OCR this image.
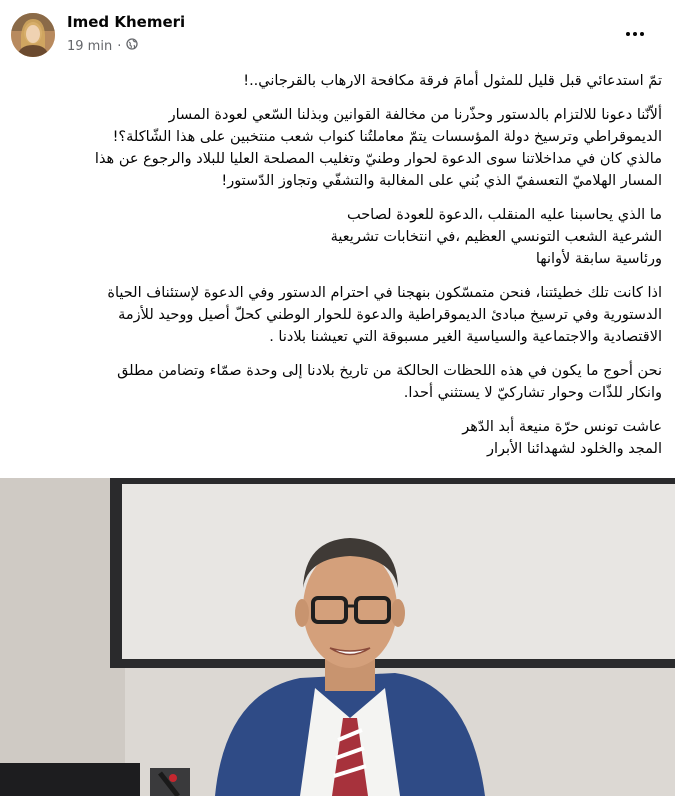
Imed Khemeri
19 min ·

تمّ استدعائي قبل قليل للمثول أمامَ فرقة مكافحة الارهاب بالقرجاني..!

ألاّنّنا دعونا للالتزام بالدستور وحذّرنا من مخالفة القوانين وبذلنا السّعي لعودة المسار
الديموقراطي وترسيخ دولة المؤسسات يتمّ معاملتُنا كنواب شعب منتخبين على هذا الشّاكلة؟!
مالذي كان في مداخلاتنا سوى الدعوة لحوار وطنيّ وتغليب المصلحة العليا للبلاد والرجوع عن هذا
المسار الهلاميّ التعسفيّ الذي بُني على المغالبة والتشفّي وتجاوز الدّستور!

ما الذي يحاسبنا عليه المنقلب ،الدعوة للعودة لصاحب
الشرعية الشعب التونسي العظيم ،في انتخابات تشريعية
ورئاسية سابقة لأوانها

اذا كانت تلك خطيئتنا، فنحن متمسّكون بنهجنا في احترام الدستور وفي الدعوة لإستئناف الحياة
الدستورية وفي ترسيخ مبادئ الديموقراطية والدعوة للحوار الوطني كحلّ أصيل ووحيد للأزمة
الاقتصادية والاجتماعية والسياسية الغير مسبوقة التي تعيشنا بلادنا .

نحن أحوج ما يكون في هذه اللحظات الحالكة من تاريخ بلادنا إلى وحدة صمّاء وتضامن مطلق
وانكار للذّات وحوار تشاركيّ لا يستثني أحدا.

عاشت تونس حرّة منيعة أبد الدّهر
المجد والخلود لشهدائنا الأبرار
